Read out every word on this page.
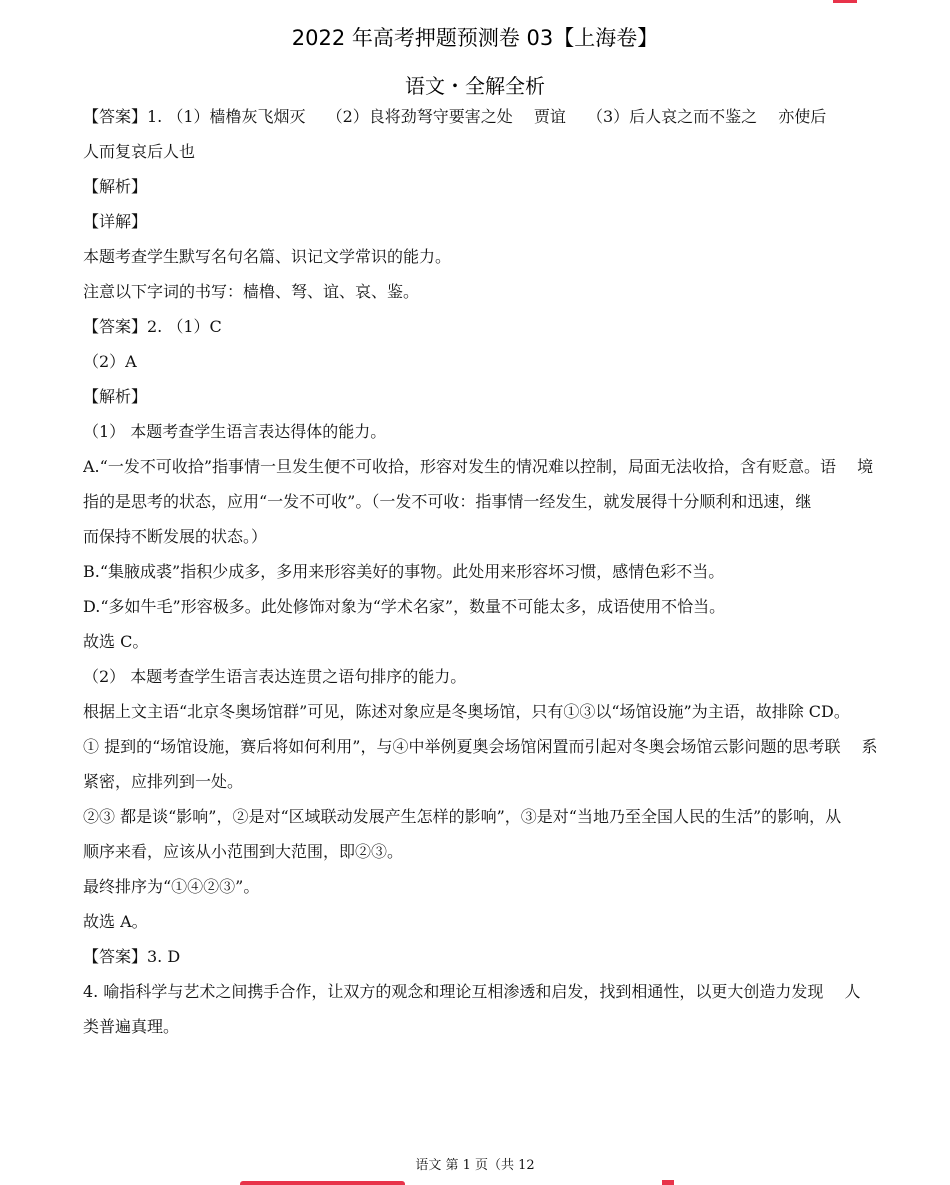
2022 年高考押题预测卷 03【上海卷】
语文・全解全析
【答案】1. （1）樯橹灰飞烟灭　 （2）良将劲弩守要害之处　 贾谊　 （3）后人哀之而不鉴之　 亦使后
人而复哀后人也
【解析】
【详解】
本题考查学生默写名句名篇、识记文学常识的能力。
注意以下字词的书写：樯橹、弩、谊、哀、鉴。
【答案】2. （1）C
（2）A
【解析】
（1） 本题考查学生语言表达得体的能力。
A.“一发不可收拾”指事情一旦发生便不可收拾，形容对发生的情况难以控制，局面无法收拾，含有贬意。语　 境
指的是思考的状态，应用“一发不可收”。（一发不可收：指事情一经发生，就发展得十分顺利和迅速，继
而保持不断发展的状态。）
B.“集腋成裘”指积少成多，多用来形容美好的事物。此处用来形容坏习惯，感情色彩不当。
D.“多如牛毛”形容极多。此处修饰对象为“学术名家”，数量不可能太多，成语使用不恰当。
故选 C。
（2） 本题考查学生语言表达连贯之语句排序的能力。
根据上文主语“北京冬奥场馆群”可见，陈述对象应是冬奥场馆，只有①③以“场馆设施”为主语，故排除 CD。
① 提到的“场馆设施，赛后将如何利用”，与④中举例夏奥会场馆闲置而引起对冬奥会场馆云影问题的思考联　 系
紧密，应排列到一处。
②③ 都是谈“影响”，②是对“区域联动发展产生怎样的影响”，③是对“当地乃至全国人民的生活”的影响，从
顺序来看，应该从小范围到大范围，即②③。
最终排序为“①④②③”。
故选 A。
【答案】3. D
4. 喻指科学与艺术之间携手合作，让双方的观念和理论互相渗透和启发，找到相通性，以更大创造力发现　 人
类普遍真理。
语文 第 1 页（共 12
